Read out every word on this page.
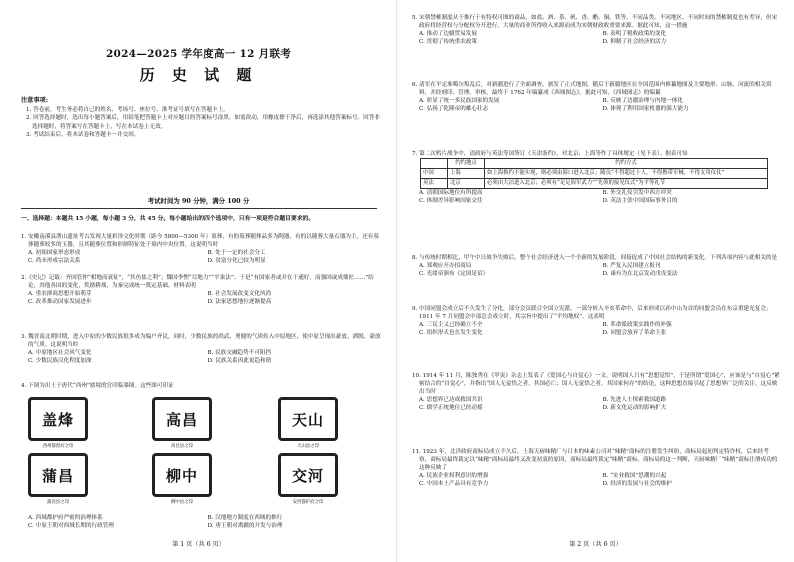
2024—2025 学年度高一 12 月联考
历 史 试 题
注意事项:
1. 答卷前，考生务必将自己的姓名、考场号、座位号、准考证号填写在答题卡上。
2. 回答选择题时，选出每小题答案后，用铅笔把答题卡上对应题目的答案标号涂黑。如需改动，用橡皮擦干净后，再选涂其他答案标号。回答非选择题时，将答案写在答题卡上，写在本试卷上无效。
3. 考试结束后，将本试卷和答题卡一并交回。
考试时间为 90 分钟，满分 100 分
一、选择题：本题共 15 小题，每小题 3 分，共 45 分。每小题给出的四个选项中，只有一项是符合题目要求的。

1. 安徽南溪县凿山遗址考古发现大量彩泽文化时期（距今 5800—5300 年）墓葬，有的墓葬随葬品多为陶器，有的以随葬大量石器为主，还有墓葬随葬较多的玉器，且其随葬位置和形制特征处于墓内中央位置。这说明当时

A. 初始国家形态形成	B. 处于一定的社会分工
C. 尚未形成宗法关系	D. 贫富分化已较为明显

2.《史记》记载：齐国管仲“相地而衰征”，“其鱼盐之利”；魏国李悝“尽地力”“平籴法”；于是“有国家者或并在于通好，而强国或成鼎匠……”结论，其他各国的变化，奖励耕战，为秦完成统一奠定基础。材料表明

A. 重农抑商思想开始萌芽	B. 社会发展改变文化风尚
C. 改革推动国家发展进步	D. 法家思想地位逐渐提高

3. 魏晋南北朝时期，进入中原的少数民族很多成为编户齐民，同时，少数民族的尚武、勇健的气质传入中原地区，使中原呈现出豪放、洒脱、豪放的气质。这说明当时

A. 中原地区社会风气变化	B. 民族交融趋势不可阻挡
C. 少数民族汉化程度加深	D. 民族关系因此更趋和谐

4. 下图为出土于唐代“西州”辖境的官印临摹图。这些图可印证

盖烽
西州都督府之印
高昌
高昌县之印
天山
天山县之印
蒲昌
蒲昌县之印
柳中
柳中县之印
交河
安西都护府之印
A. 西域都护府严密的治理体系	B. 汉地地方制度在西域的推行
C. 中原王朝对西域长期的行政管理	D. 唐王朝对离疆的开发与治理
第 1 页（共 6 页）

5. 宋朝禁榷制度从于推行于有特权可图的商品，如盐、酒、茶、矾、香、醋、铜、铁等，不同品类、不同地区、不同时间的禁榷制度也有差异，但宋政府将经营权与分配权分开进行，大量的商业所得收入来源而成为宋朝财政收重要来源。据此可知，这一措施

A. 推动了边疆贸易发展	B. 表明了税收政策的变化
C. 贯彻了传统重农政策	D. 抑制了社会经济的活力

6. 清军在平定准噶尔叛乱后，对新疆进行了全面调查，颁发了正式地图，随后于新疆地区在全国范围内修纂地图及主要地形、山脉、河流的相关资料，并经刻印、管理、审核，最终于 1762 年编纂成《西域图志》。据此可知，《西域图志》的编纂

A. 彰显了统一多民族国家的发展	B. 反映了边疆治理与内地一体化
C. 弘扬了乾隆帝的雄心壮志	D. 体现了利用国家机器的强大能力

7. 第二次鸦片战争中，清政府与英法等国签订《天津条约》，对北京、上海等作了具体规定（见下表）。据表可知

	约约地点	约约方式
中国	上海	如上海换约不能实现，则必须由海口进入北京；随员“不得超过十人，不得携带军械，不得支用仪仗”
英法	北京	必须由大沽进入北京；必须有“足足海军武力”“先领的接见仪式”为平等礼节
A. 清朝国际地位有所提高	B. 外交礼仪引发中西方冲突
C. 体制差异影响国家交往	D. 英法主张中国国际事务目的

8. 与传统时期相比，甲午中日战争失败后，整个社会经济进入一个全新的发展阶段，间接促成了中国社会结构的新变化。下列各项内容与此相关的是

A. 郑观应开办招商局	B. 严复入民国建立报刊
C. 光绪帝颁布《定国是诏》	D. 康有为在北京发动戊戌变法

9. 中国同盟会成立后不久发生了分化，部分会员联合全国立宪派，一部分转入辛亥革命中，后来形成以孙中山为首的同盟会员在东京重建光复会；1911 年 7 月同盟会中部总会成立时，其宗旨中提出了“平均地权”。这表明

A. 三民主义已经确立不全	B. 革命派政策实践作的补强
C. 组织形式也在发生变化	D. 同盟会放弃了革命主张

10. 1914 年 11 月，陈独秀在《甲寅》杂志上发表了《爱国心与自觉心》一文，说明国人只有“思想觉悟”，于是所谓“爱国心”，应该是与“自觉心”紧密结合的“自觉心”，并指出“国人无觉悟之者，其国必亡；国人无觉悟之者，其国家何存”的结论，这种思想直接引起了思想界广泛的关注。这反映出当时

A. 思想界已达成救国共识	B. 先进人士探索救国道路
C. 儒学正统地位已经动摇	D. 新文化运动的影响扩大

11. 1923 年，北洋政府商标局成立不久后，上海天厨味精厂与日本的味素公司对“味精”商标的注册发生纠纷，商标局起初判定特许权，后来经考察，商标局最终裁定以“味精”商标局最终又改变初衷的原因，商标局最终裁定“味精”商标。商标局的这一判断，天厨味精厂“味精”商标注册成功的这种反映了

A. 民族企业权利意识的增强	B. “实业救国”思潮的兴起
C. 中国本土产品具有竞争力	D. 经济的发展与社会的维护
第 2 页（共 6 页）
